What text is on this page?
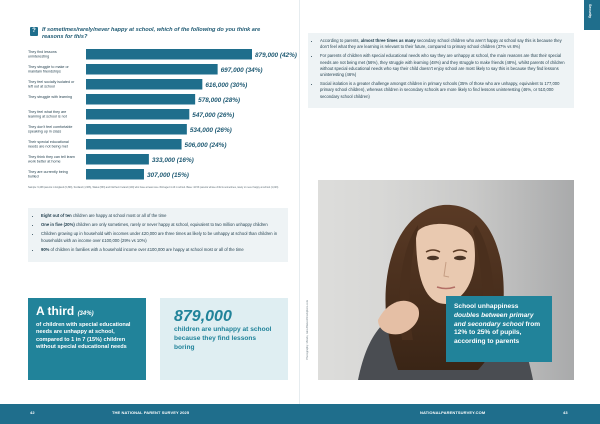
?	If sometimes/rarely/never happy at school, which of the following do you think are reasons for this?
They find lessons uninteresting	879,000 (42%)
They struggle to make or maintain friendships	697,000 (34%)
They feel socially isolated or left out at school	616,000 (30%)
They struggle with learning	578,000 (28%)
They feel what they are learning at school is not	547,000 (26%)
They don't feel comfortable speaking up in class	534,000 (26%)
Their special educational needs are not being met	506,000 (24%)
They think they can tell learn work better at home	333,000 (16%)
They are currently being bullied	307,000 (15%)
Sample: 9,468 parents in England (6,399), Scotland (1,966), Wales (663) and Northern Ireland (440) who have at least one child aged 4-16 in school. Base: 44.5K parents whose child is sometimes, rarely or never happy at school (1,023)
• Eight out of ten children are happy at school most or all of the time
• One in five (20%) children are only sometimes, rarely or never happy at school, equivalent to two million unhappy children
• Children growing up in household with incomes under £20,000 are three times as likely to be unhappy at school than children in households with an income over £100,000 (29% vs 10%)
• 90% of children in families with a household income over £100,000 are happy at school most or all of the time
A third (34%)
of children with special educational needs are unhappy at school, compared to 1 in 7 (15%) children without special educational needs
879,000
children are unhappy at school because they find lessons boring
Security
• According to parents, almost three times as many secondary school children who aren't happy at school say this is because they don't feel what they are learning is relevant to their future, compared to primary school children (37% vs 8%)
• For parents of children with special educational needs who say they are unhappy at school, the main reasons are that their special needs are not being met (56%), they struggle with learning (48%) and they struggle to make friends (48%), whilst parents of children without special educational needs who say their child doesn't enjoy school are most likely to say this is because they find lessons uninteresting (46%)
• Social isolation is a greater challenge amongst children in primary schools (35% of those who are unhappy, equivalent to 177,000 primary school children), whereas children in secondary schools are more likely to find lessons uninteresting (46%, or 510,000 secondary school children)
Photography: Mondo, Gina Blanco/iStockphoto.com	School unhappiness doubles between primary and secondary school from 12% to 25% of pupils, according to parents
42	THE NATIONAL PARENT SURVEY 2025	NATIONALPARENTSURVEY.COM	43
